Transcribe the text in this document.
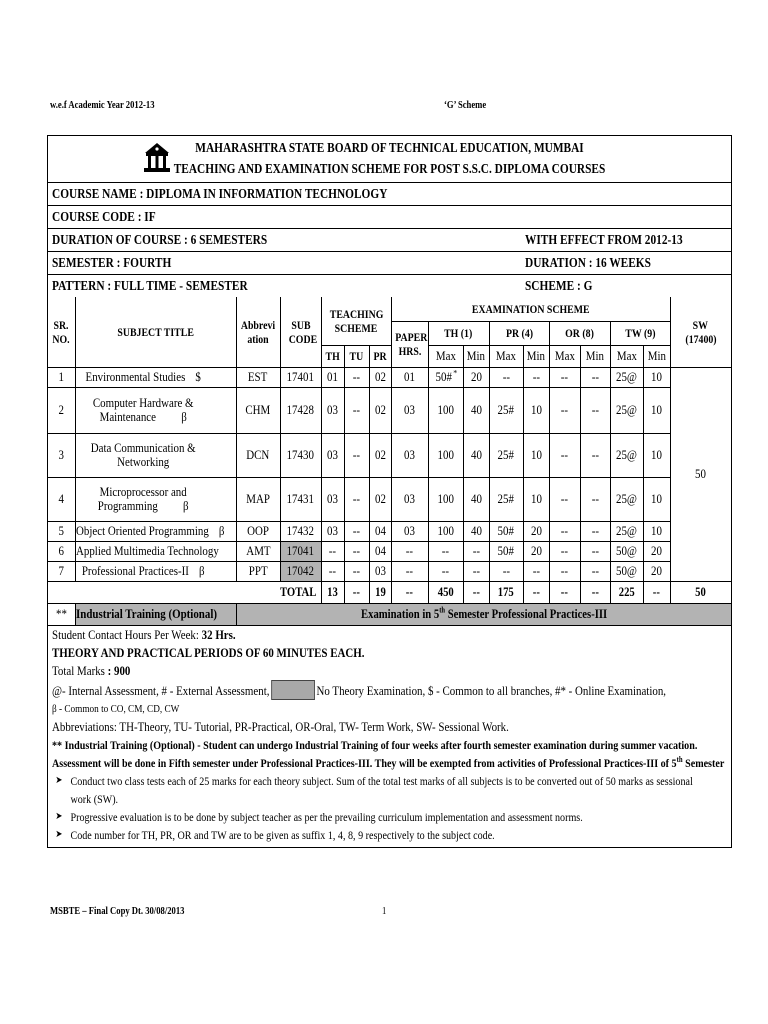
w.e.f Academic Year 2012-13	‘G’ Scheme
MAHARASHTRA STATE BOARD OF TECHNICAL EDUCATION, MUMBAI
TEACHING AND EXAMINATION SCHEME FOR POST S.S.C. DIPLOMA COURSES
COURSE NAME : DIPLOMA IN INFORMATION TECHNOLOGY
COURSE CODE : IF
DURATION OF COURSE : 6 SEMESTERS	WITH EFFECT FROM 2012-13
SEMESTER : FOURTH	DURATION : 16 WEEKS
PATTERN : FULL TIME - SEMESTER	SCHEME : G
SR. NO.	SUBJECT TITLE	Abbrevi ation	SUB CODE	TEACHING SCHEME			EXAMINATION SCHEME									SW
(17400)
							PAPER HRS.	TH (1)		PR (4)		OR (8)		TW (9)		
				TH	TU	PR		Max	Min	Max	Min	Max	Min	Max	Min	
1	Environmental Studies $	EST	17401	01	--	02	01	50# *	20	--	--	--	--	25@	10	50
2	Computer Hardware &
Maintenance β	CHM	17428	03	--	02	03	100	40	25#	10	--	--	25@	10	
3	Data Communication &
Networking	DCN	17430	03	--	02	03	100	40	25#	10	--	--	25@	10	
4	Microprocessor and
Programming β	MAP	17431	03	--	02	03	100	40	25#	10	--	--	25@	10	
5	Object Oriented Programming β	OOP	17432	03	--	04	03	100	40	50#	20	--	--	25@	10	
6	Applied Multimedia Technology	AMT	17041	--	--	04	--	--	--	50#	20	--	--	50@	20	
7	Professional Practices-II β	PPT	17042	--	--	03	--	--	--	--	--	--	--	50@	20	
	TOTAL			13	--	19	--	450	--	175	--	--	--	225	--	50
**	Industrial Training (Optional)	Examination in 5th Semester Professional Practices-III														
Student Contact Hours Per Week: 32 Hrs.
THEORY AND PRACTICAL PERIODS OF 60 MINUTES EACH.
Total Marks : 900
@- Internal Assessment, # - External Assessment,	No Theory Examination, $ - Common to all branches, #* - Online Examination,
β - Common to CO, CM, CD, CW
Abbreviations: TH-Theory, TU- Tutorial, PR-Practical, OR-Oral, TW- Term Work, SW- Sessional Work.
** Industrial Training (Optional) - Student can undergo Industrial Training of four weeks after fourth semester examination during summer vacation.
Assessment will be done in Fifth semester under Professional Practices-III. They will be exempted from activities of Professional Practices-III of 5th Semester
➤ Conduct two class tests each of 25 marks for each theory subject. Sum of the total test marks of all subjects is to be converted out of 50 marks as sessional
work (SW).
➤ Progressive evaluation is to be done by subject teacher as per the prevailing curriculum implementation and assessment norms.
➤ Code number for TH, PR, OR and TW are to be given as suffix 1, 4, 8, 9 respectively to the subject code.
MSBTE – Final Copy Dt. 30/08/2013	1
